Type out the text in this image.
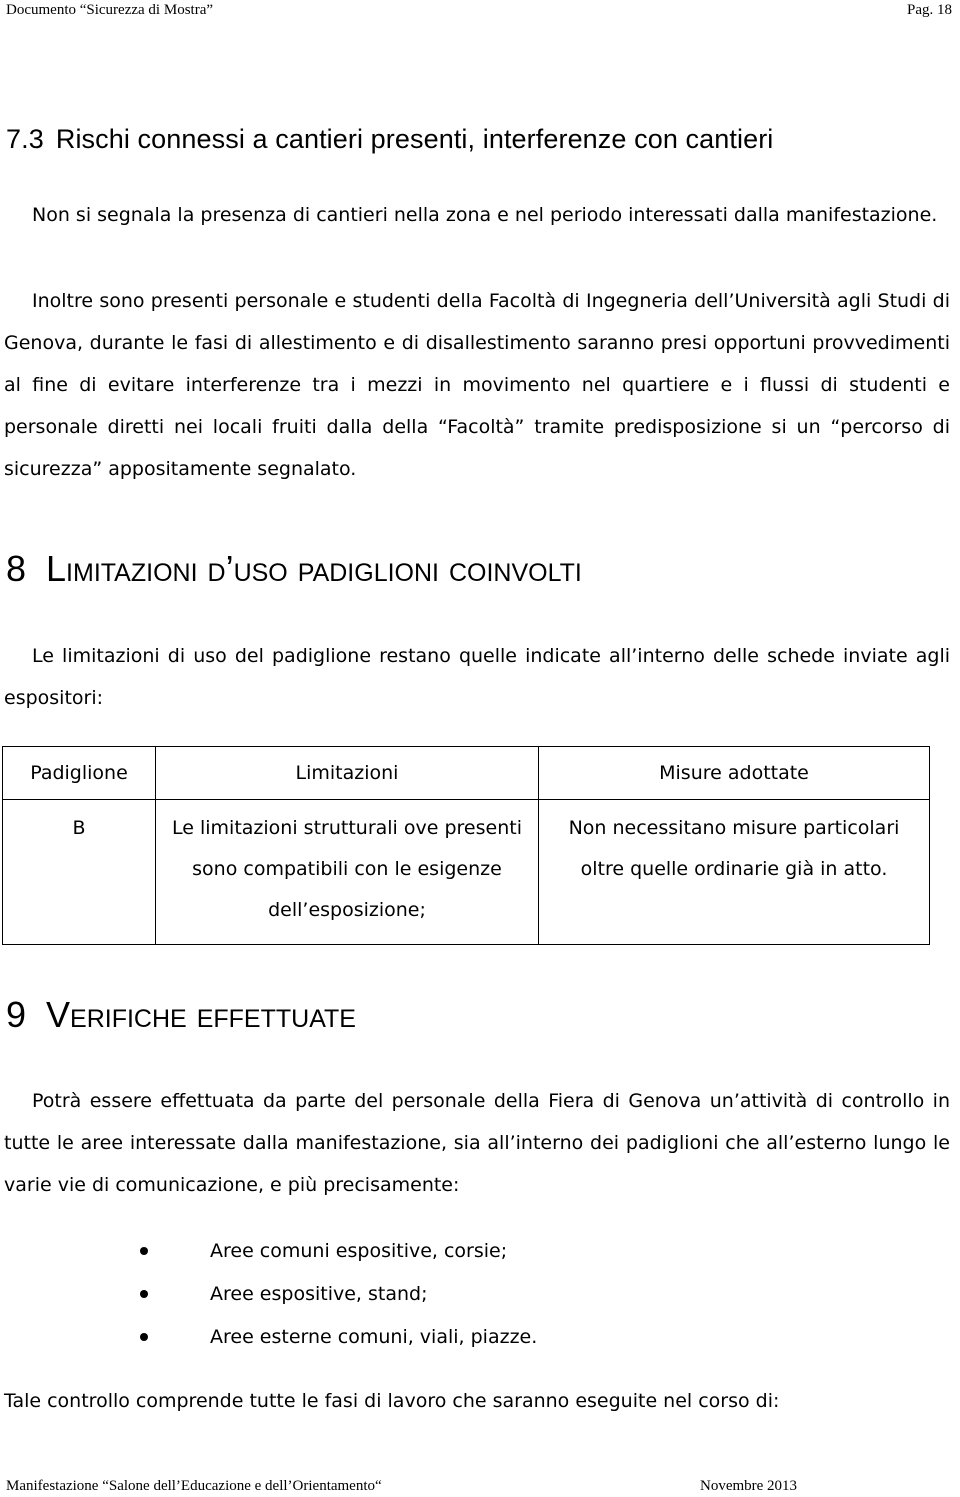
Documento “Sicurezza di Mostra”	Pag. 18
7.3 Rischi connessi a cantieri presenti, interferenze con cantieri
Non si segnala la presenza di cantieri nella zona e nel periodo interessati dalla manifestazione.
Inoltre sono presenti personale e studenti della Facoltà di Ingegneria dell’Università agli Studi di Genova, durante le fasi di allestimento e di disallestimento saranno presi opportuni provvedimenti al fine di evitare interferenze tra i mezzi in movimento nel quartiere e i flussi di studenti e personale diretti nei locali fruiti dalla della “Facoltà” tramite predisposizione si un “percorso di sicurezza” appositamente segnalato.
8 Limitazioni d’uso padiglioni coinvolti
Le limitazioni di uso del padiglione restano quelle indicate all’interno delle schede inviate agli espositori:
Padiglione	Limitazioni	Misure adottate
B	Le limitazioni strutturali ove presenti sono compatibili con le esigenze dell’esposizione;	Non necessitano misure particolari oltre quelle ordinarie già in atto.
9 Verifiche effettuate
Potrà essere effettuata da parte del personale della Fiera di Genova un’attività di controllo in tutte le aree interessate dalla manifestazione, sia all’interno dei padiglioni che all’esterno lungo le varie vie di comunicazione, e più precisamente:
Aree comuni espositive, corsie;
Aree espositive, stand;
Aree esterne comuni, viali, piazze.
Tale controllo comprende tutte le fasi di lavoro che saranno eseguite nel corso di:
Manifestazione “Salone dell’Educazione e dell’Orientamento“	Novembre 2013
